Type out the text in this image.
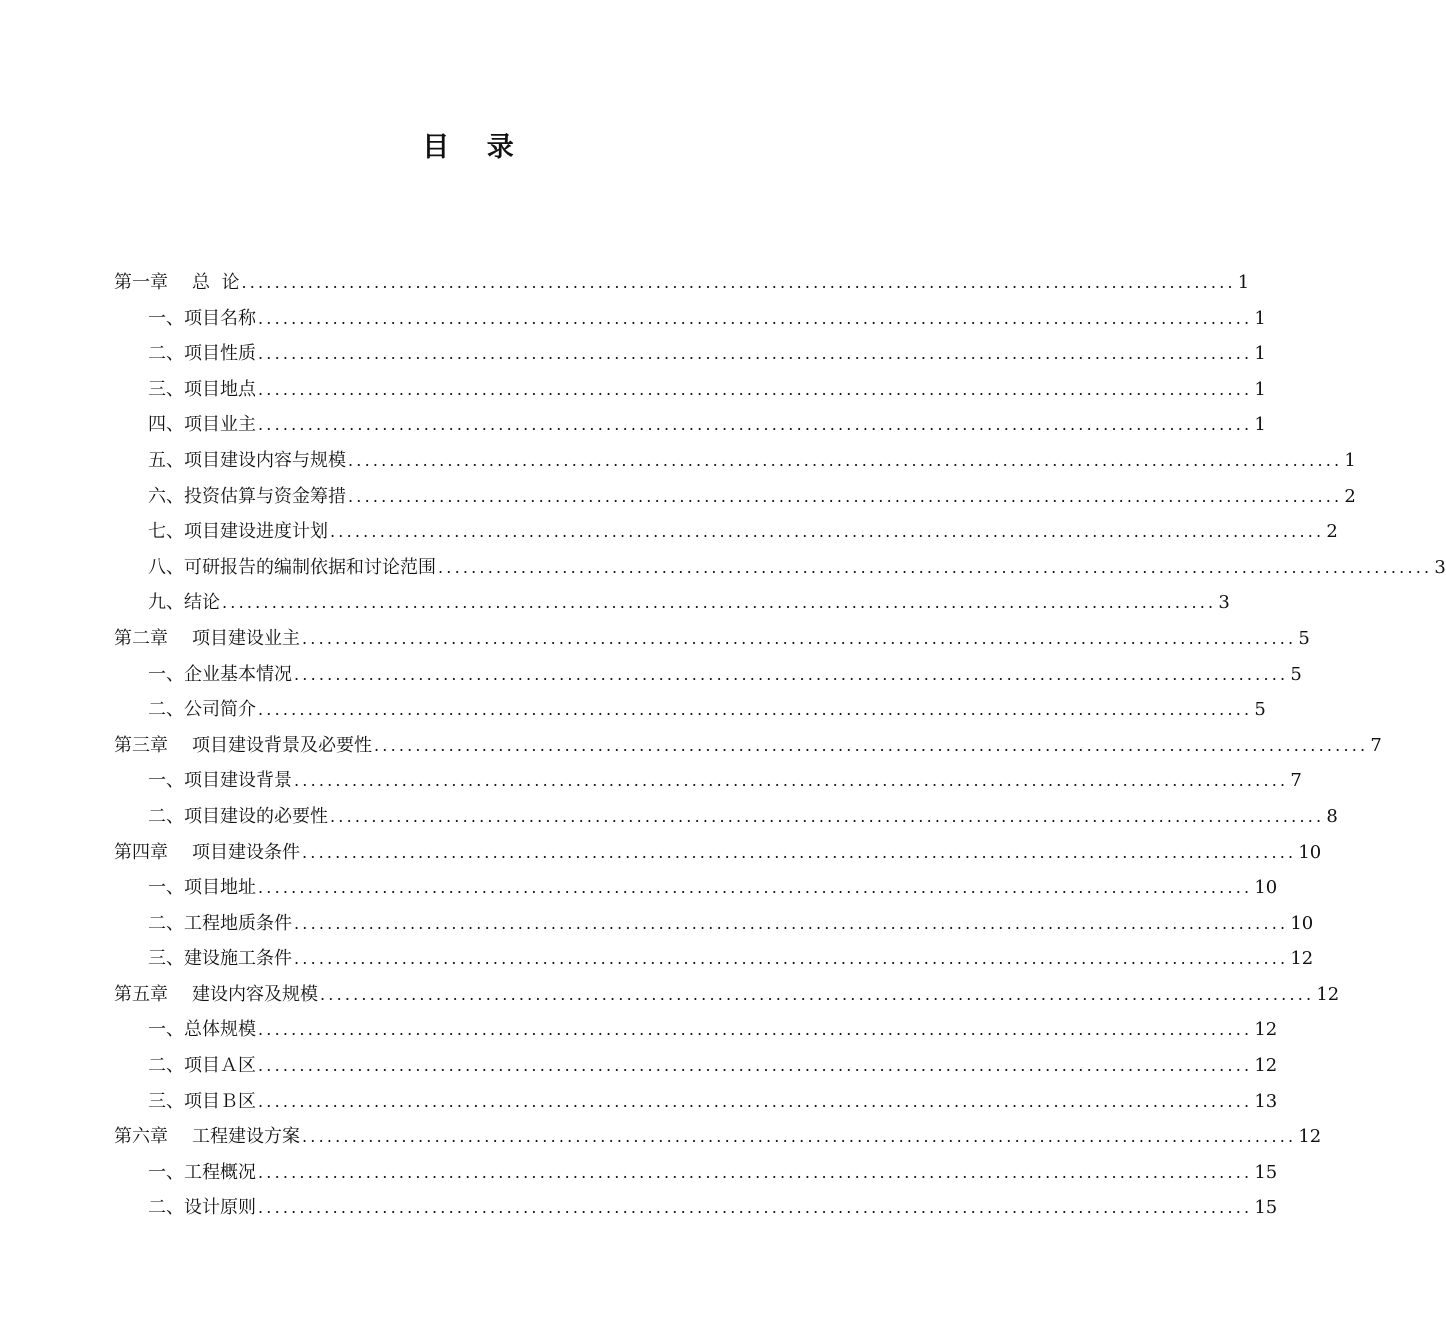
目 录
第一章 总  论 ........................................................................................................................ 1
一、项目名称 ........................................................................................................................ 1
二、项目性质 ........................................................................................................................ 1
三、项目地点 ........................................................................................................................ 1
四、项目业主 ........................................................................................................................ 1
五、项目建设内容与规模 ........................................................................................................................ 1
六、投资估算与资金筹措 ........................................................................................................................ 2
七、项目建设进度计划 ........................................................................................................................ 2
八、可研报告的编制依据和讨论范围 ........................................................................................................................ 3
九、结论 ........................................................................................................................ 3
第二章 项目建设业主 ........................................................................................................................ 5
一、企业基本情况 ........................................................................................................................ 5
二、公司简介 ........................................................................................................................ 5
第三章 项目建设背景及必要性 ........................................................................................................................ 7
一、项目建设背景 ........................................................................................................................ 7
二、项目建设的必要性 ........................................................................................................................ 8
第四章 项目建设条件 ........................................................................................................................ 10
一、项目地址 ........................................................................................................................ 10
二、工程地质条件 ........................................................................................................................ 10
三、建设施工条件 ........................................................................................................................ 12
第五章 建设内容及规模 ........................................................................................................................ 12
一、总体规模 ........................................................................................................................ 12
二、项目Ａ区 ........................................................................................................................ 12
三、项目Ｂ区 ........................................................................................................................ 13
第六章 工程建设方案 ........................................................................................................................ 12
一、工程概况 ........................................................................................................................ 15
二、设计原则 ........................................................................................................................ 15
